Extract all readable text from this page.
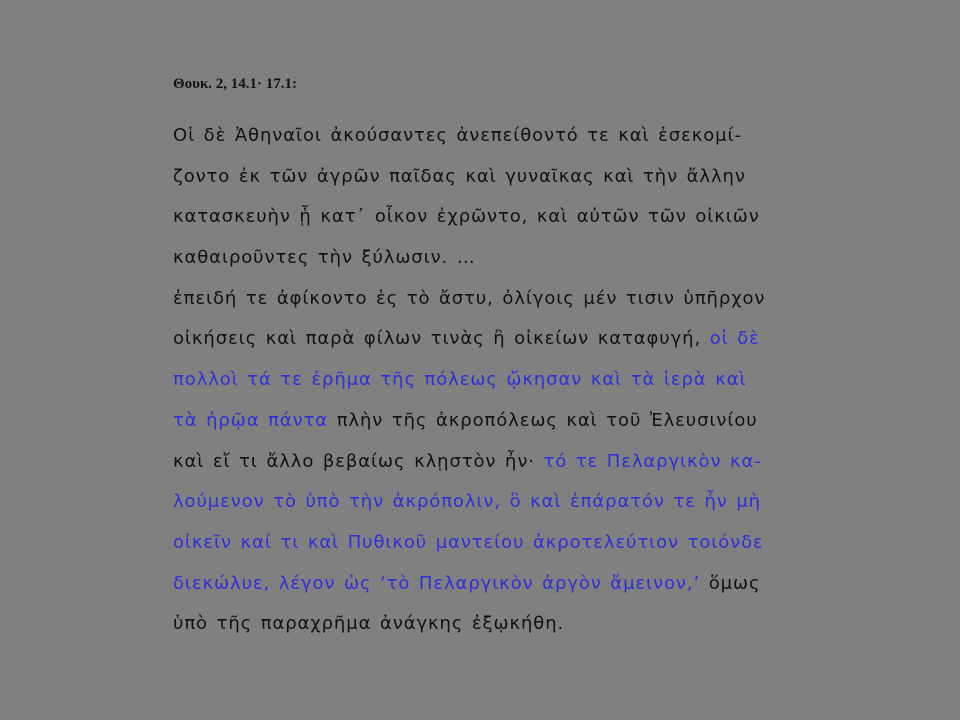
Θουκ. 2, 14.1· 17.1:
Οἱ δὲ Ἀθηναῖοι ἀκούσαντες ἀνεπείθοντό τε καὶ ἐσεκομί-
ζοντο ἐκ τῶν ἀγρῶν παῖδας καὶ γυναῖκας καὶ τὴν ἄλλην
κατασκευὴν ᾗ κατ᾽ οἶκον ἐχρῶντο, καὶ αὐτῶν τῶν οἰκιῶν
καθαιροῦντες τὴν ξύλωσιν. …
ἐπειδή τε ἀφίκοντο ἐς τὸ ἄστυ, ὀλίγοις μέν τισιν ὑπῆρχον
οἰκήσεις καὶ παρὰ φίλων τινὰς ἢ οἰκείων καταφυγή, οἱ δὲ
πολλοὶ τά τε ἐρῆμα τῆς πόλεως ᾤκησαν καὶ τὰ ἱερὰ καὶ
τὰ ἡρῷα πάντα πλὴν τῆς ἀκροπόλεως καὶ τοῦ Ἐλευσινίου
καὶ εἴ τι ἄλλο βεβαίως κλῃστὸν ἦν· τό τε Πελαργικὸν κα-
λούμενον τὸ ὑπὸ τὴν ἀκρόπολιν, ὃ καὶ ἐπάρατόν τε ἦν μὴ
οἰκεῖν καί τι καὶ Πυθικοῦ μαντείου ἀκροτελεύτιον τοιόνδε
διεκώλυε, λέγον ὡς ‘τὸ Πελαργικὸν ἀργὸν ἄμεινον,’ ὅμως
ὑπὸ τῆς παραχρῆμα ἀνάγκης ἐξῳκήθη.
